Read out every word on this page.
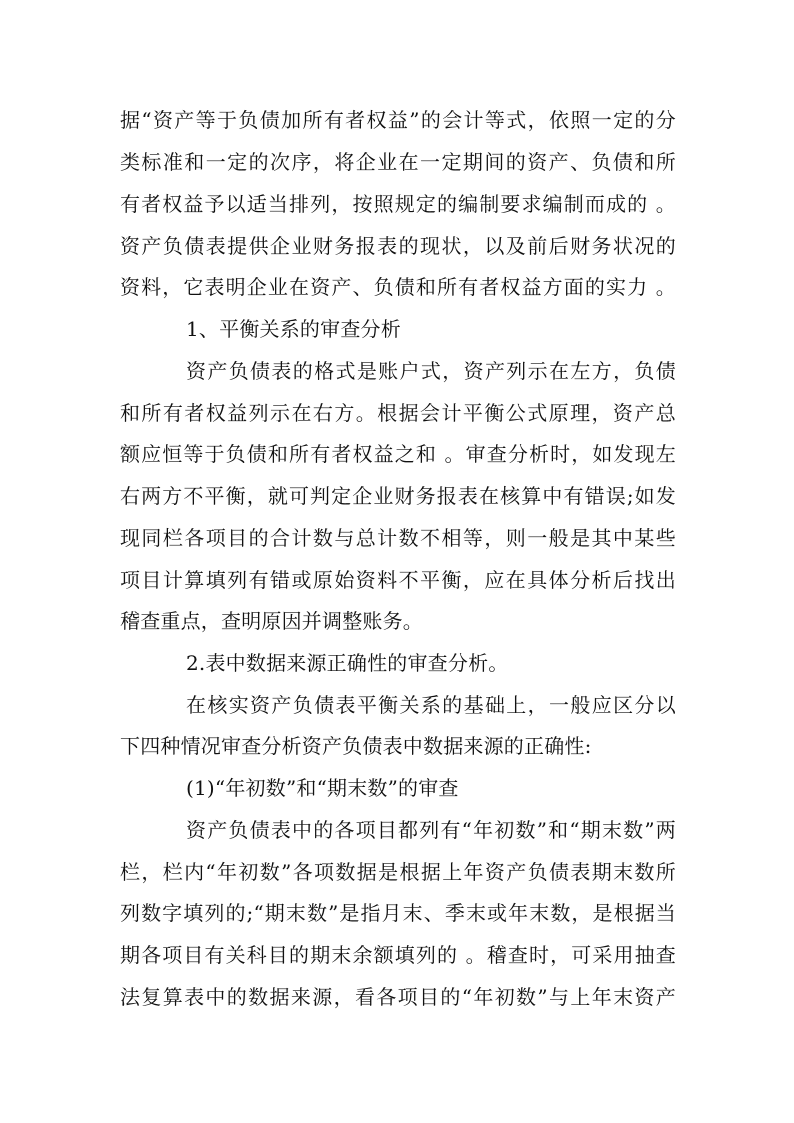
据“资产等于负债加所有者权益”的会计等式，依照一定的分
类标准和一定的次序，将企业在一定期间的资产、负债和所
有者权益予以适当排列，按照规定的编制要求编制而成的 。
资产负债表提供企业财务报表的现状，以及前后财务状况的
资料，它表明企业在资产、负债和所有者权益方面的实力 。
1、平衡关系的审查分析
资产负债表的格式是账户式，资产列示在左方，负债
和所有者权益列示在右方。根据会计平衡公式原理，资产总
额应恒等于负债和所有者权益之和 。审查分析时，如发现左
右两方不平衡，就可判定企业财务报表在核算中有错误;如发
现同栏各项目的合计数与总计数不相等，则一般是其中某些
项目计算填列有错或原始资料不平衡，应在具体分析后找出
稽查重点，查明原因并调整账务。
2.表中数据来源正确性的审查分析。
在核实资产负债表平衡关系的基础上，一般应区分以
下四种情况审查分析资产负债表中数据来源的正确性:
(1)“年初数”和“期末数”的审查
资产负债表中的各项目都列有“年初数”和“期末数”两
栏，栏内“年初数”各项数据是根据上年资产负债表期末数所
列数字填列的;“期末数”是指月末、季末或年末数，是根据当
期各项目有关科目的期末余额填列的 。稽查时，可采用抽查
法复算表中的数据来源，看各项目的“年初数”与上年末资产
